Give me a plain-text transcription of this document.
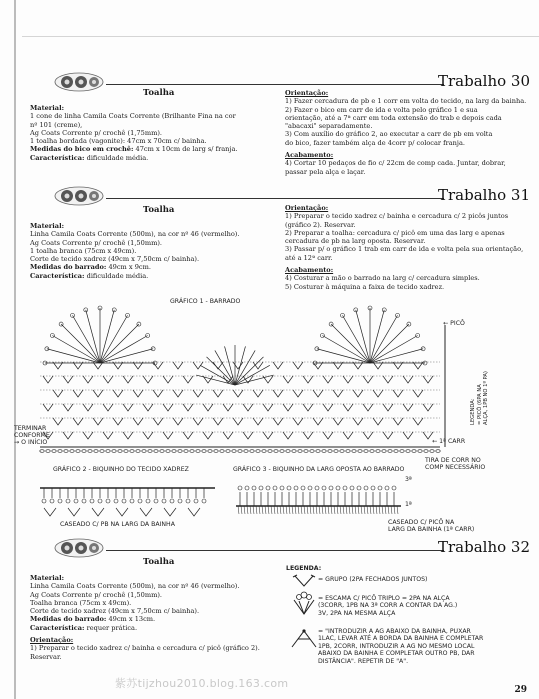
Trabalho 30
Toalha
Material:
1 cone de linha Camila Coats Corrente (Brilhante Fina na cor
nº 101 (creme),
Ag Coats Corrente p/ crochê (1,75mm).
1 toalha bordada (vagonite): 47cm x 70cm c/ bainha.
Medidas do bico em crochê: 47cm x 10cm de larg s/ franja.
Característica: dificuldade média.
Orientação:
1) Fazer cercadura de pb e 1 corr em volta do tecido, na larg da bainha.
2) Fazer o bico em carr de ida e volta pelo gráfico 1 e sua
orientação, até a 7ª carr em toda extensão do trab e depois cada
"abacaxi" separadamente.
3) Com auxílio do gráfico 2, ao executar a carr de pb em volta
do bico, fazer também alça de 4corr p/ colocar franja.
Acabamento:
4) Cortar 10 pedaços de fio c/ 22cm de comp cada. Juntar, dobrar,
passar pela alça e laçar.
Trabalho 31
Toalha
Material:
Linha Camila Coats Corrente (500m), na cor nº 46 (vermelho).
Ag Coats Corrente p/ crochê (1,50mm).
1 toalha branca (75cm x 49cm).
Corte de tecido xadrez (49cm x 7,50cm c/ bainha).
Medidas do barrado: 49cm x 9cm.
Característica: dificuldade média.
Orientação:
1) Preparar o tecido xadrez c/ bainha e cercadura c/ 2 picôs juntos
(gráfico 2). Reservar.
2) Preparar a toalha: cercadura c/ picô em uma das larg e apenas
cercadura de pb na larg oposta. Reservar.
3) Passar p/ o gráfico 1 trab em carr de ida e volta pela sua orientação,
até a 12ª carr.
Acabamento:
4) Costurar a mão o barrado na larg c/ cercadura simples.
5) Costurar à máquina a faixa de tecido xadrez.
GRÁFICO 1 - BARRADO
← PICÔ
TERMINAR
CONFORME
→ O INÍCIO	← 1ª CARR
TIRA DE CORR NO
COMP NECESSÁRIO
LEGENDA:
= PICÔ (6PA NA
ALÇA, 1PB NO 1º PA)
GRÁFICO 2 - BIQUINHO DO TECIDO XADREZ	GRÁFICO 3 - BIQUINHO DA LARG OPOSTA AO BARRADO
3ª
1ª
CASEADO C/ PB NA LARG DA BAINHA	CASEADO C/ PICÔ NA
LARG DA BAINHA (1ª CARR)
Trabalho 32
Toalha
Material:
Linha Camila Coats Corrente (500m), na cor nº 46 (vermelho).
Ag Coats Corrente p/ crochê (1,50mm).
Toalha branca (75cm x 49cm).
Corte de tecido xadrez (49cm x 7,50cm c/ bainha).
Medidas do barrado: 49cm x 13cm.
Característica: requer prática.
Orientação:
1) Preparar o tecido xadrez c/ bainha e cercadura c/ picô (gráfico 2).
Reservar.
LEGENDA:
= GRUPO (2PA FECHADOS JUNTOS)
= ESCAMA C/ PICÔ TRIPLO = 2PA NA ALÇA
(3CORR, 1PB NA 3ª CORR A CONTAR DA AG.)
3V, 2PA NA MESMA ALÇA
= "INTRODUZIR A AG ABAIXO DA BAINHA, PUXAR
1LAC, LEVAR ATÉ A BORDA DA BAINHA E COMPLETAR
1PB, 2CORR, INTRODUZIR A AG NO MESMO LOCAL
ABAIXO DA BAINHA E COMPLETAR OUTRO PB, DAR
DISTÂNCIA". REPETIR DE "A".
紫苏tijzhou2010.blog.163.com	29
